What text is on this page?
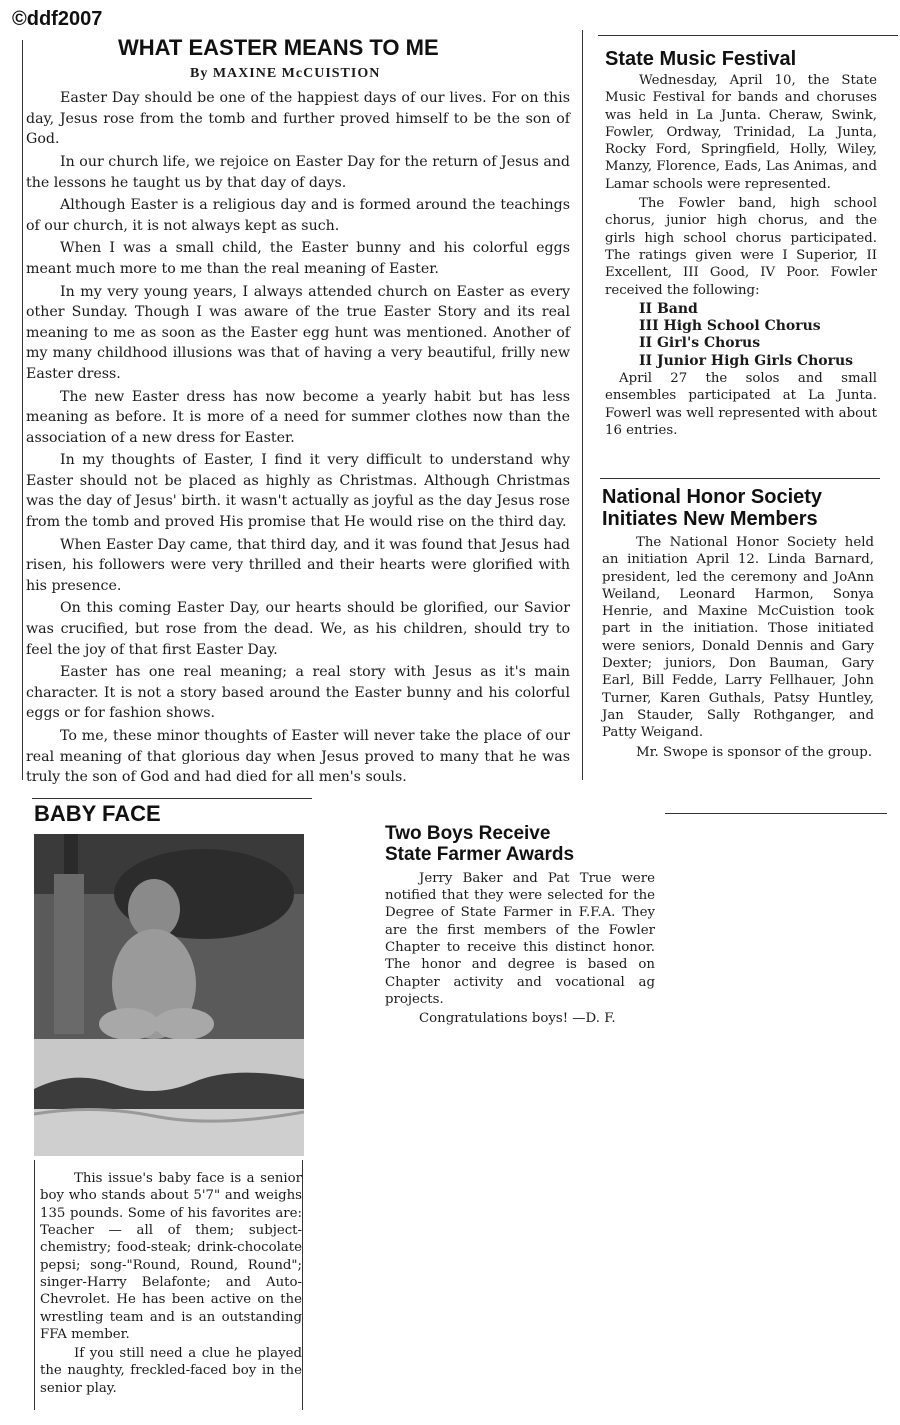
©ddf2007
WHAT EASTER MEANS TO ME
By MAXINE McCUISTION

Easter Day should be one of the happiest days of our lives. For on this day, Jesus rose from the tomb and further proved himself to be the son of God.

In our church life, we rejoice on Easter Day for the return of Jesus and the lessons he taught us by that day of days.

Although Easter is a religious day and is formed around the teachings of our church, it is not always kept as such.

When I was a small child, the Easter bunny and his colorful eggs meant much more to me than the real meaning of Easter.

In my very young years, I always attended church on Easter as every other Sunday. Though I was aware of the true Easter Story and its real meaning to me as soon as the Easter egg hunt was mentioned. Another of my many childhood illusions was that of having a very beautiful, frilly new Easter dress.

The new Easter dress has now become a yearly habit but has less meaning as before. It is more of a need for summer clothes now than the association of a new dress for Easter.

In my thoughts of Easter, I find it very difficult to understand why Easter should not be placed as highly as Christmas. Although Christmas was the day of Jesus' birth. it wasn't actually as joyful as the day Jesus rose from the tomb and proved His promise that He would rise on the third day.

When Easter Day came, that third day, and it was found that Jesus had risen, his followers were very thrilled and their hearts were glorified with his presence.

On this coming Easter Day, our hearts should be glorified, our Savior was crucified, but rose from the dead. We, as his children, should try to feel the joy of that first Easter Day.

Easter has one real meaning; a real story with Jesus as it's main character. It is not a story based around the Easter bunny and his colorful eggs or for fashion shows.

To me, these minor thoughts of Easter will never take the place of our real meaning of that glorious day when Jesus proved to many that he was truly the son of God and had died for all men's souls.

State Music Festival

Wednesday, April 10, the State Music Festival for bands and choruses was held in La Junta. Cheraw, Swink, Fowler, Ordway, Trinidad, La Junta, Rocky Ford, Springfield, Holly, Wiley, Manzy, Florence, Eads, Las Animas, and Lamar schools were represented.

The Fowler band, high school chorus, junior high chorus, and the girls high school chorus participated. The ratings given were I Superior, II Excellent, III Good, IV Poor. Fowler received the following:

II Band
III High School Chorus
II Girl's Chorus
II Junior High Girls Chorus

April 27 the solos and small ensembles participated at La Junta. Fowerl was well represented with about 16 entries.

National Honor Society
Initiates New Members

The National Honor Society held an initiation April 12. Linda Barnard, president, led the ceremony and JoAnn Weiland, Leonard Harmon, Sonya Henrie, and Maxine McCuistion took part in the initiation. Those initiated were seniors, Donald Dennis and Gary Dexter; juniors, Don Bauman, Gary Earl, Bill Fedde, Larry Fellhauer, John Turner, Karen Guthals, Patsy Huntley, Jan Stauder, Sally Rothganger, and Patty Weigand.

Mr. Swope is sponsor of the group.

BABY FACE

This issue's baby face is a senior boy who stands about 5'7" and weighs 135 pounds. Some of his favorites are: Teacher — all of them; subject-chemistry; food-steak; drink-chocolate pepsi; song-"Round, Round, Round"; singer-Harry Belafonte; and Auto-Chevrolet. He has been active on the wrestling team and is an outstanding FFA member.

If you still need a clue he played the naughty, freckled-faced boy in the senior play.

Two Boys Receive
State Farmer Awards

Jerry Baker and Pat True were notified that they were selected for the Degree of State Farmer in F.F.A. They are the first members of the Fowler Chapter to receive this distinct honor. The honor and degree is based on Chapter activity and vocational ag projects.

Congratulations boys! —D. F.
